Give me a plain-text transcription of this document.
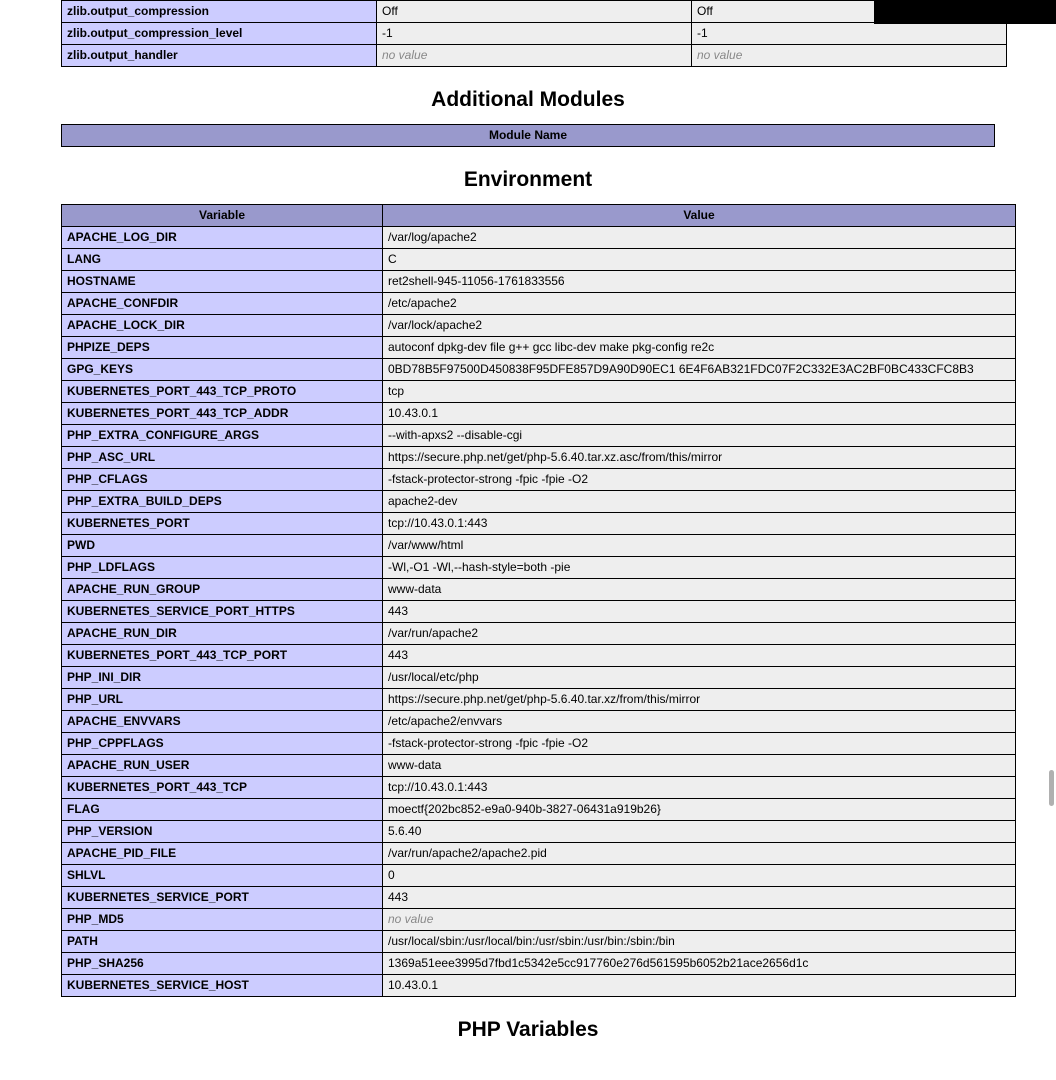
zlib.output_compression	Off	Off
zlib.output_compression_level	-1	-1
zlib.output_handler	no value	no value
Additional Modules
Module Name
Environment
Variable	Value
APACHE_LOG_DIR	/var/log/apache2
LANG	C
HOSTNAME	ret2shell-945-11056-1761833556
APACHE_CONFDIR	/etc/apache2
APACHE_LOCK_DIR	/var/lock/apache2
PHPIZE_DEPS	autoconf dpkg-dev file g++ gcc libc-dev make pkg-config re2c
GPG_KEYS	0BD78B5F97500D450838F95DFE857D9A90D90EC1 6E4F6AB321FDC07F2C332E3AC2BF0BC433CFC8B3
KUBERNETES_PORT_443_TCP_PROTO	tcp
KUBERNETES_PORT_443_TCP_ADDR	10.43.0.1
PHP_EXTRA_CONFIGURE_ARGS	--with-apxs2 --disable-cgi
PHP_ASC_URL	https://secure.php.net/get/php-5.6.40.tar.xz.asc/from/this/mirror
PHP_CFLAGS	-fstack-protector-strong -fpic -fpie -O2
PHP_EXTRA_BUILD_DEPS	apache2-dev
KUBERNETES_PORT	tcp://10.43.0.1:443
PWD	/var/www/html
PHP_LDFLAGS	-Wl,-O1 -Wl,--hash-style=both -pie
APACHE_RUN_GROUP	www-data
KUBERNETES_SERVICE_PORT_HTTPS	443
APACHE_RUN_DIR	/var/run/apache2
KUBERNETES_PORT_443_TCP_PORT	443
PHP_INI_DIR	/usr/local/etc/php
PHP_URL	https://secure.php.net/get/php-5.6.40.tar.xz/from/this/mirror
APACHE_ENVVARS	/etc/apache2/envvars
PHP_CPPFLAGS	-fstack-protector-strong -fpic -fpie -O2
APACHE_RUN_USER	www-data
KUBERNETES_PORT_443_TCP	tcp://10.43.0.1:443
FLAG	moectf{202bc852-e9a0-940b-3827-06431a919b26}
PHP_VERSION	5.6.40
APACHE_PID_FILE	/var/run/apache2/apache2.pid
SHLVL	0
KUBERNETES_SERVICE_PORT	443
PHP_MD5	no value
PATH	/usr/local/sbin:/usr/local/bin:/usr/sbin:/usr/bin:/sbin:/bin
PHP_SHA256	1369a51eee3995d7fbd1c5342e5cc917760e276d561595b6052b21ace2656d1c
KUBERNETES_SERVICE_HOST	10.43.0.1
PHP Variables
